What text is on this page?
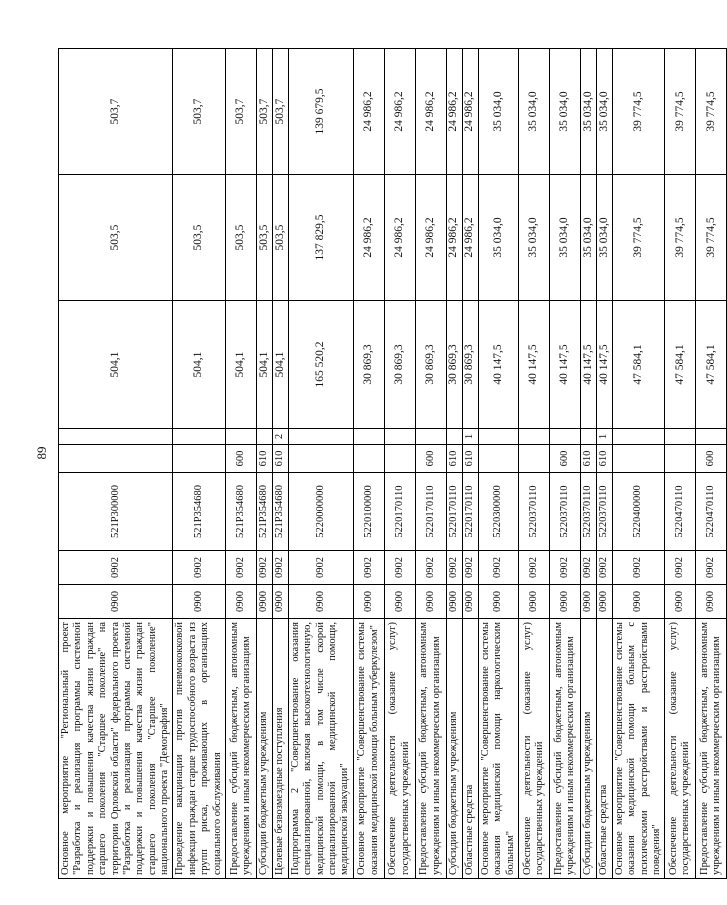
89
Основное мероприятие "Региональный проект "Разработка и реализация программы системной поддержки и повышения качества жизни граждан старшего поколения "Старшее поколение" на территории Орловской области" федерального проекта "Разработка и реализация программы системной поддержки и повышения качества жизни граждан старшего поколения "Старшее поколение" национального проекта "Демография"	0900	0902	521P300000			504,1	503,5	503,7
Проведение вакцинации против пневмококковой инфекции граждан старше трудоспособного возраста из групп риска, проживающих в организациях социального обслуживания	0900	0902	521P354680			504,1	503,5	503,7
Предоставление субсидий бюджетным, автономным учреждениям и иным некоммерческим организациям	0900	0902	521P354680	600		504,1	503,5	503,7
Субсидии бюджетным учреждениям	0900	0902	521P354680	610		504,1	503,5	503,7
Целевые безвозмездные поступления	0900	0902	521P354680	610	2	504,1	503,5	503,7
Подпрограмма 2 "Совершенствование оказания специализированной, включая высокотехнологичную, медицинской помощи, в том числе скорой специализированной медицинской помощи, медицинской эвакуации"	0900	0902	5220000000			165 520,2	137 829,5	139 679,5
Основное мероприятие "Совершенствование системы оказания медицинской помощи больным туберкулезом"	0900	0902	5220100000			30 869,3	24 986,2	24 986,2
Обеспечение деятельности (оказание услуг) государственных учреждений	0900	0902	5220170110			30 869,3	24 986,2	24 986,2
Предоставление субсидий бюджетным, автономным учреждениям и иным некоммерческим организациям	0900	0902	5220170110	600		30 869,3	24 986,2	24 986,2
Субсидии бюджетным учреждениям	0900	0902	5220170110	610		30 869,3	24 986,2	24 986,2
Областные средства	0900	0902	5220170110	610	1	30 869,3	24 986,2	24 986,2
Основное мероприятие "Совершенствование системы оказания медицинской помощи наркологическим больным"	0900	0902	5220300000			40 147,5	35 034,0	35 034,0
Обеспечение деятельности (оказание услуг) государственных учреждений	0900	0902	5220370110			40 147,5	35 034,0	35 034,0
Предоставление субсидий бюджетным, автономным учреждениям и иным некоммерческим организациям	0900	0902	5220370110	600		40 147,5	35 034,0	35 034,0
Субсидии бюджетным учреждениям	0900	0902	5220370110	610		40 147,5	35 034,0	35 034,0
Областные средства	0900	0902	5220370110	610	1	40 147,5	35 034,0	35 034,0
Основное мероприятие "Совершенствование системы оказания медицинской помощи больным с психическими расстройствами и расстройствами поведения"	0900	0902	5220400000			47 584,1	39 774,5	39 774,5
Обеспечение деятельности (оказание услуг) государственных учреждений	0900	0902	5220470110			47 584,1	39 774,5	39 774,5
Предоставление субсидий бюджетным, автономным учреждениям и иным некоммерческим организациям	0900	0902	5220470110	600		47 584,1	39 774,5	39 774,5
